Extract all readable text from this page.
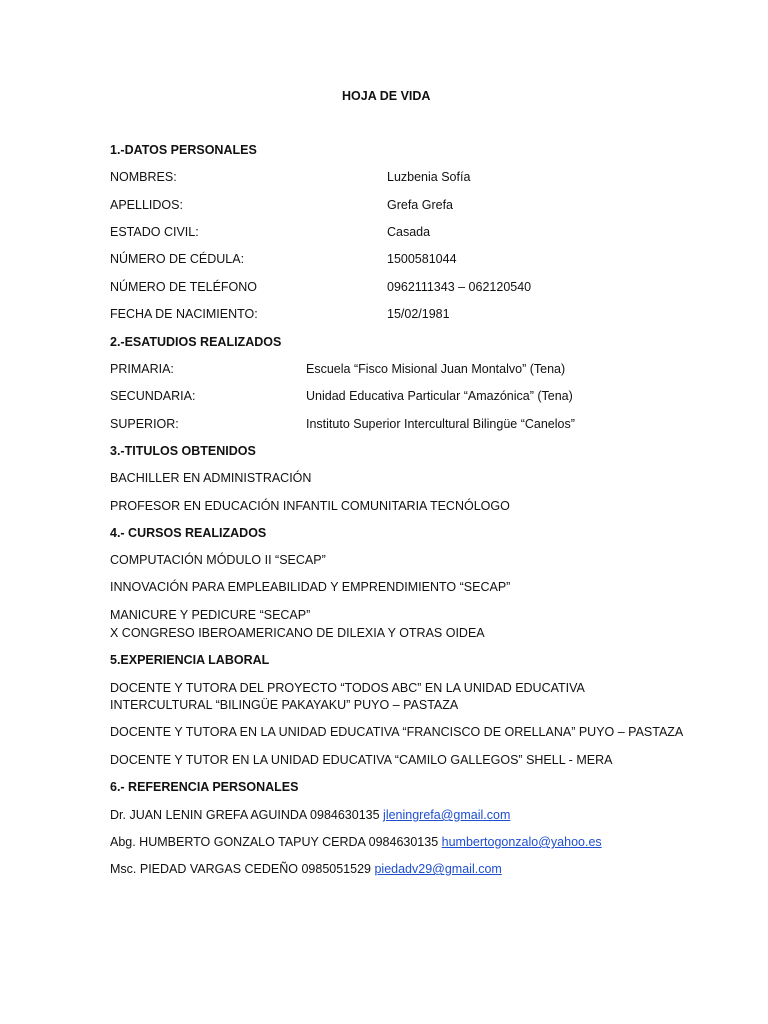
HOJA DE VIDA
1.-DATOS PERSONALES
NOMBRES:	Luzbenia Sofía
APELLIDOS:	Grefa Grefa
ESTADO CIVIL:	Casada
NÚMERO DE CÉDULA:	1500581044
NÚMERO DE TELÉFONO	0962111343 – 062120540
FECHA DE NACIMIENTO:	15/02/1981
2.-ESATUDIOS REALIZADOS
PRIMARIA:	Escuela “Fisco Misional Juan Montalvo” (Tena)
SECUNDARIA:	Unidad Educativa Particular “Amazónica” (Tena)
SUPERIOR:	Instituto Superior Intercultural Bilingüe “Canelos”
3.-TITULOS OBTENIDOS
BACHILLER EN ADMINISTRACIÓN
PROFESOR EN EDUCACIÓN INFANTIL COMUNITARIA TECNÓLOGO
4.- CURSOS REALIZADOS
COMPUTACIÓN MÓDULO II “SECAP”
INNOVACIÓN PARA EMPLEABILIDAD Y EMPRENDIMIENTO “SECAP”
MANICURE Y PEDICURE “SECAP”
X CONGRESO IBEROAMERICANO DE DILEXIA Y OTRAS OIDEA
5.EXPERIENCIA LABORAL
DOCENTE Y TUTORA DEL PROYECTO “TODOS ABC” EN LA UNIDAD EDUCATIVA
INTERCULTURAL “BILINGÜE PAKAYAKU” PUYO – PASTAZA
DOCENTE Y TUTORA EN LA UNIDAD EDUCATIVA “FRANCISCO DE ORELLANA” PUYO – PASTAZA
DOCENTE Y TUTOR EN LA UNIDAD EDUCATIVA “CAMILO GALLEGOS” SHELL - MERA
6.- REFERENCIA PERSONALES
Dr. JUAN LENIN GREFA AGUINDA 0984630135 jleningrefa@gmail.com
Abg. HUMBERTO GONZALO TAPUY CERDA 0984630135 humbertogonzalo@yahoo.es
Msc. PIEDAD VARGAS CEDEÑO 0985051529 piedadv29@gmail.com
